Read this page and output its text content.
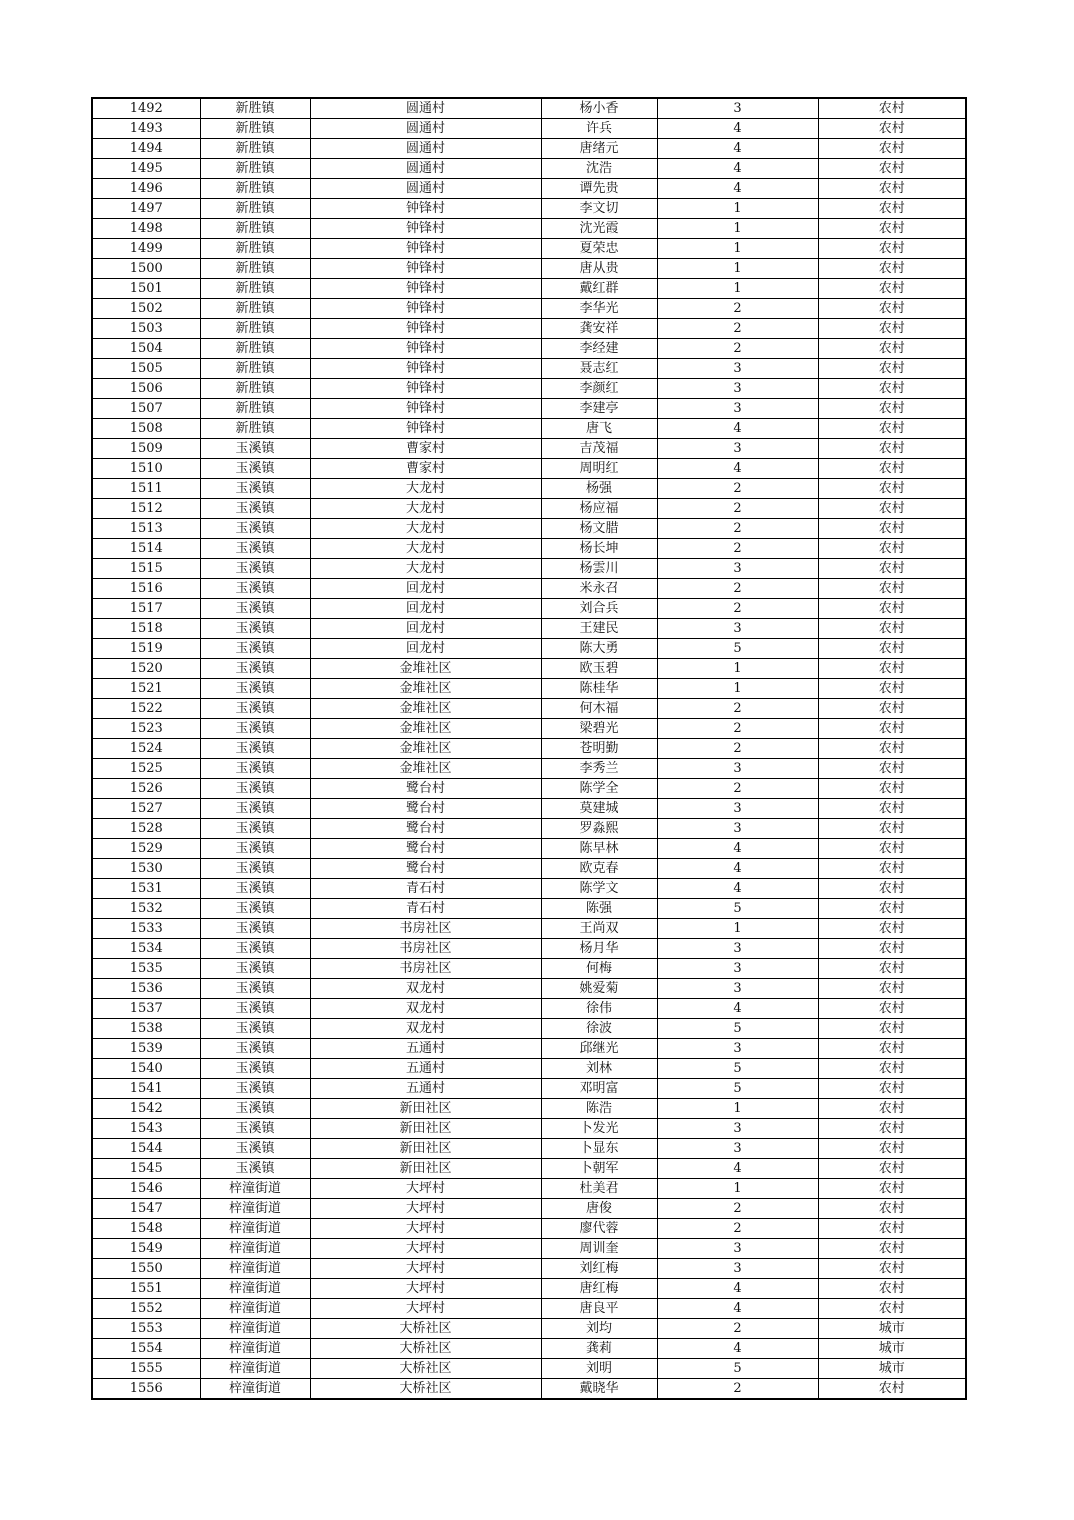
1492	新胜镇	圆通村	杨小香	3	农村
1493	新胜镇	圆通村	许兵	4	农村
1494	新胜镇	圆通村	唐绪元	4	农村
1495	新胜镇	圆通村	沈浩	4	农村
1496	新胜镇	圆通村	谭先贵	4	农村
1497	新胜镇	钟锋村	李文切	1	农村
1498	新胜镇	钟锋村	沈光霞	1	农村
1499	新胜镇	钟锋村	夏荣忠	1	农村
1500	新胜镇	钟锋村	唐从贵	1	农村
1501	新胜镇	钟锋村	戴红群	1	农村
1502	新胜镇	钟锋村	李华光	2	农村
1503	新胜镇	钟锋村	龚安祥	2	农村
1504	新胜镇	钟锋村	李经建	2	农村
1505	新胜镇	钟锋村	聂志红	3	农村
1506	新胜镇	钟锋村	李颜红	3	农村
1507	新胜镇	钟锋村	李建亭	3	农村
1508	新胜镇	钟锋村	唐飞	4	农村
1509	玉溪镇	曹家村	吉茂福	3	农村
1510	玉溪镇	曹家村	周明红	4	农村
1511	玉溪镇	大龙村	杨强	2	农村
1512	玉溪镇	大龙村	杨应福	2	农村
1513	玉溪镇	大龙村	杨文腊	2	农村
1514	玉溪镇	大龙村	杨长坤	2	农村
1515	玉溪镇	大龙村	杨雲川	3	农村
1516	玉溪镇	回龙村	米永召	2	农村
1517	玉溪镇	回龙村	刘合兵	2	农村
1518	玉溪镇	回龙村	王建民	3	农村
1519	玉溪镇	回龙村	陈大勇	5	农村
1520	玉溪镇	金堆社区	欧玉碧	1	农村
1521	玉溪镇	金堆社区	陈桂华	1	农村
1522	玉溪镇	金堆社区	何木福	2	农村
1523	玉溪镇	金堆社区	梁碧光	2	农村
1524	玉溪镇	金堆社区	苍明勤	2	农村
1525	玉溪镇	金堆社区	李秀兰	3	农村
1526	玉溪镇	鹭台村	陈学全	2	农村
1527	玉溪镇	鹭台村	莫建城	3	农村
1528	玉溪镇	鹭台村	罗淼熙	3	农村
1529	玉溪镇	鹭台村	陈早林	4	农村
1530	玉溪镇	鹭台村	欧克春	4	农村
1531	玉溪镇	青石村	陈学文	4	农村
1532	玉溪镇	青石村	陈强	5	农村
1533	玉溪镇	书房社区	王尚双	1	农村
1534	玉溪镇	书房社区	杨月华	3	农村
1535	玉溪镇	书房社区	何梅	3	农村
1536	玉溪镇	双龙村	姚爱菊	3	农村
1537	玉溪镇	双龙村	徐伟	4	农村
1538	玉溪镇	双龙村	徐波	5	农村
1539	玉溪镇	五通村	邱继光	3	农村
1540	玉溪镇	五通村	刘林	5	农村
1541	玉溪镇	五通村	邓明富	5	农村
1542	玉溪镇	新田社区	陈浩	1	农村
1543	玉溪镇	新田社区	卜发光	3	农村
1544	玉溪镇	新田社区	卜显东	3	农村
1545	玉溪镇	新田社区	卜朝军	4	农村
1546	梓潼街道	大坪村	杜美君	1	农村
1547	梓潼街道	大坪村	唐俊	2	农村
1548	梓潼街道	大坪村	廖代蓉	2	农村
1549	梓潼街道	大坪村	周训奎	3	农村
1550	梓潼街道	大坪村	刘红梅	3	农村
1551	梓潼街道	大坪村	唐红梅	4	农村
1552	梓潼街道	大坪村	唐良平	4	农村
1553	梓潼街道	大桥社区	刘均	2	城市
1554	梓潼街道	大桥社区	龚莉	4	城市
1555	梓潼街道	大桥社区	刘明	5	城市
1556	梓潼街道	大桥社区	戴晓华	2	农村
